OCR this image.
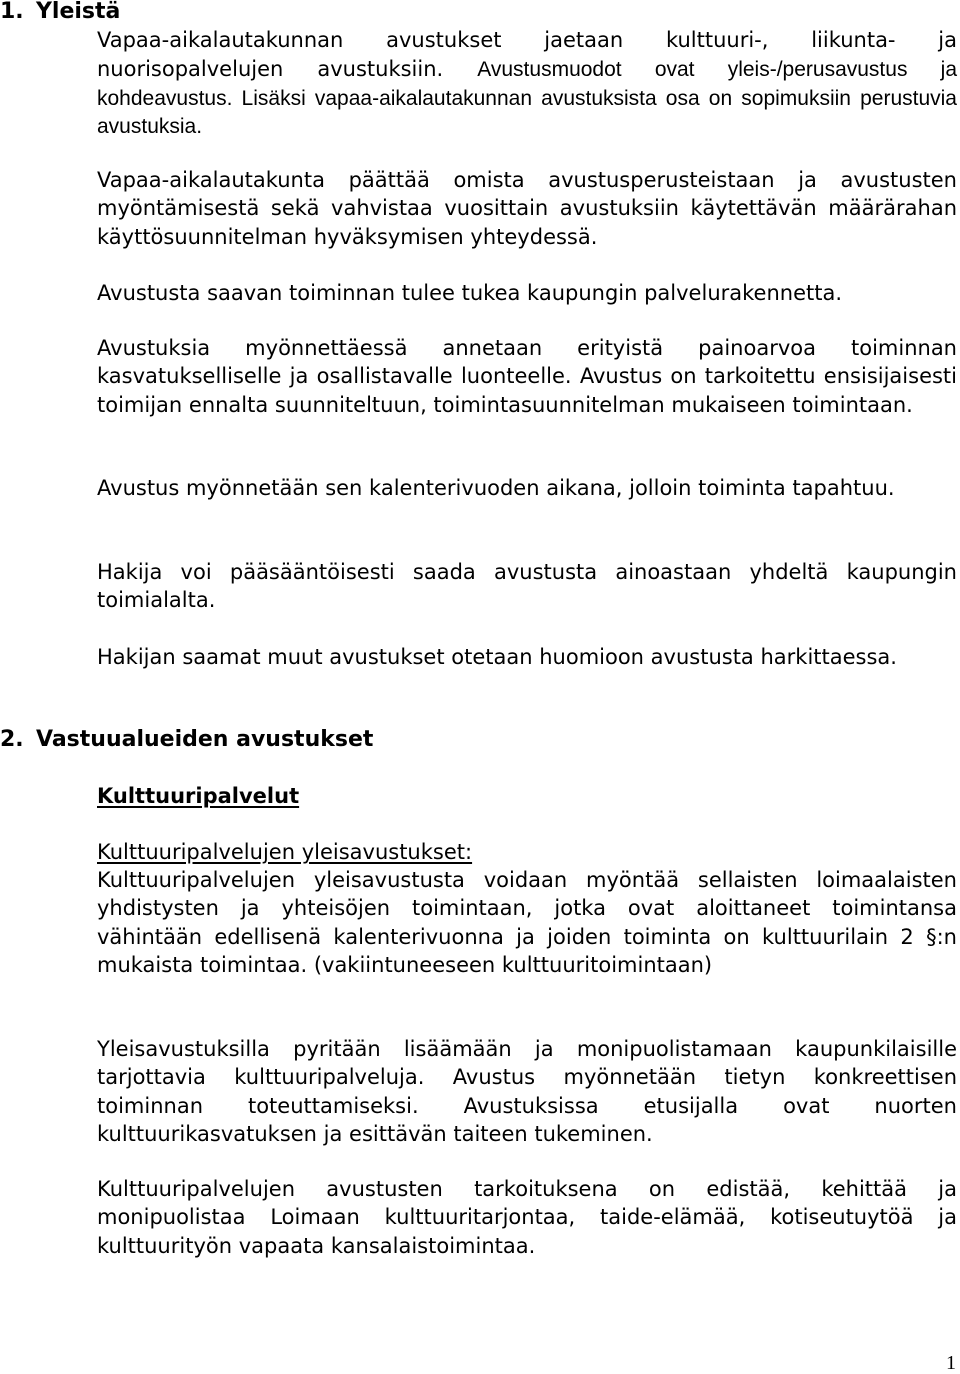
1. Yleistä

Vapaa-aikalautakunnan avustukset jaetaan kulttuuri-, liikunta- ja nuorisopalvelujen avustuksiin. Avustusmuodot ovat yleis-/perusavustus ja kohdeavustus. Lisäksi vapaa-aikalautakunnan avustuksista osa on sopimuksiin perustuvia avustuksia.

Vapaa-aikalautakunta päättää omista avustusperusteistaan ja avustusten myöntämisestä sekä vahvistaa vuosittain avustuksiin käytettävän määrärahan käyttösuunnitelman hyväksymisen yhteydessä.

Avustusta saavan toiminnan tulee tukea kaupungin palvelurakennetta.

Avustuksia myönnettäessä annetaan erityistä painoarvoa toiminnan kasvatukselliselle ja osallistavalle luonteelle. Avustus on tarkoitettu ensisijaisesti toimijan ennalta suunniteltuun, toimintasuunnitelman mukaiseen toimintaan.

Avustus myönnetään sen kalenterivuoden aikana, jolloin toiminta tapahtuu.

Hakija voi pääsääntöisesti saada avustusta ainoastaan yhdeltä kaupungin toimialalta.

Hakijan saamat muut avustukset otetaan huomioon avustusta harkittaessa.

2. Vastuualueiden avustukset

Kulttuuripalvelut

Kulttuuripalvelujen yleisavustukset:

Kulttuuripalvelujen yleisavustusta voidaan myöntää sellaisten loimaalaisten yhdistysten ja yhteisöjen toimintaan, jotka ovat aloittaneet toimintansa vähintään edellisenä kalenterivuonna ja joiden toiminta on kulttuurilain 2 §:n mukaista toimintaa. (vakiintuneeseen kulttuuritoimintaan)

Yleisavustuksilla pyritään lisäämään ja monipuolistamaan kaupunkilaisille tarjottavia kulttuuripalveluja. Avustus myönnetään tietyn konkreettisen toiminnan toteuttamiseksi. Avustuksissa etusijalla ovat nuorten kulttuurikasvatuksen ja esittävän taiteen tukeminen.

Kulttuuripalvelujen avustusten tarkoituksena on edistää, kehittää ja monipuolistaa Loimaan kulttuuritarjontaa, taide-elämää, kotiseutuytöä ja kulttuurityön vapaata kansalaistoimintaa.

1
